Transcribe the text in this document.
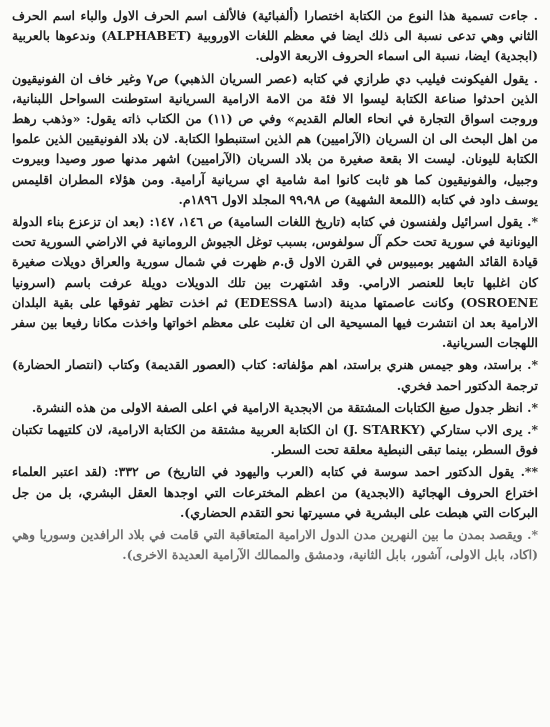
. جاءت تسمية هذا النوع من الكتابة اختصارا (ألفبائية) فالألف اسم الحرف الاول والباء اسم الحرف الثاني وهي تدعى نسبة الى ذلك ايضا في معظم اللغات الاوروبية (ALPHABET) وندعوها بالعربية (ابجدية) ايضا، نسبة الى اسماء الحروف الاربعة الاولى.

. يقول الفيكونت فيليب دي طرازي في كتابه (عصر السريان الذهبي) ص٧ وغير خاف ان الفونيقيون الذين احدثوا صناعة الكتابة ليسوا الا فئة من الامة الارامية السريانية استوطنت السواحل اللبنانية، وروجت اسواق التجارة في انحاء العالم القديم» وفي ص (١١) من الكتاب ذاته يقول: «وذهب رهط من اهل البحث الى ان السريان (الآراميين) هم الذين استنبطوا الكتابة. لان بلاد الفونيقيين الذين علموا الكتابة لليونان. ليست الا بقعة صغيرة من بلاد السريان (الآراميين) اشهر مدنها صور وصيدا وبيروت وجبيل، والفونيقيون كما هو ثابت كانوا امة شامية اي سريانية آرامية. ومن هؤلاء المطران اقليمس يوسف داود في كتابه (اللمعة الشهية) ص ٩٩،٩٨ المجلد الاول ١٨٩٦م.

*. يقول اسرائيل ولفنسون في كتابه (تاريخ اللغات السامية) ص ١٤٦، ١٤٧: (بعد ان تزعزع بناء الدولة اليونانية في سورية تحت حكم آل سولفوس، بسبب توغل الجيوش الرومانية في الاراضي السورية تحت قيادة القائد الشهير بومبيوس في القرن الاول ق.م ظهرت في شمال سورية والعراق دويلات صغيرة كان اغلبها تابعا للعنصر الارامي. وقد اشتهرت بين تلك الدويلات دويلة عرفت باسم (اسرونيا OSROENE) وكانت عاصمتها مدينة (ادسا EDESSA) ثم اخذت تظهر تفوقها على بقية البلدان الارامية بعد ان انتشرت فيها المسيحية الى ان تغلبت على معظم اخواتها واخذت مكانا رفيعا بين سفر اللهجات السريانية.

*. براستد، وهو جيمس هنري براستد، اهم مؤلفاته: كتاب (العصور القديمة) وكتاب (انتصار الحضارة) ترجمة الدكتور احمد فخري.

*. انظر جدول صيغ الكتابات المشتقة من الابجدية الارامية في اعلى الصفة الاولى من هذه النشرة.

*. يرى الاب ستاركي (J. STARKY) ان الكتابة العربية مشتقة من الكتابة الارامية، لان كلتيهما تكتبان فوق السطر، بينما تبقى النبطية معلقة تحت السطر.

**. يقول الدكتور احمد سوسة في كتابه (العرب واليهود في التاريخ) ص ٣٣٢: (لقد اعتبر العلماء اختراع الحروف الهجائية (الابجدية) من اعظم المخترعات التي اوجدها العقل البشري، بل من جل البركات التي هبطت على البشرية في مسيرتها نحو التقدم الحضاري).

*. ويقصد بمدن ما بين النهرين مدن الدول الارامية المتعاقبة التي قامت في بلاد الرافدين وسوريا وهي (اكاد، بابل الاولى، آشور، بابل الثانية، ودمشق والممالك الآرامية العديدة الاخرى).
